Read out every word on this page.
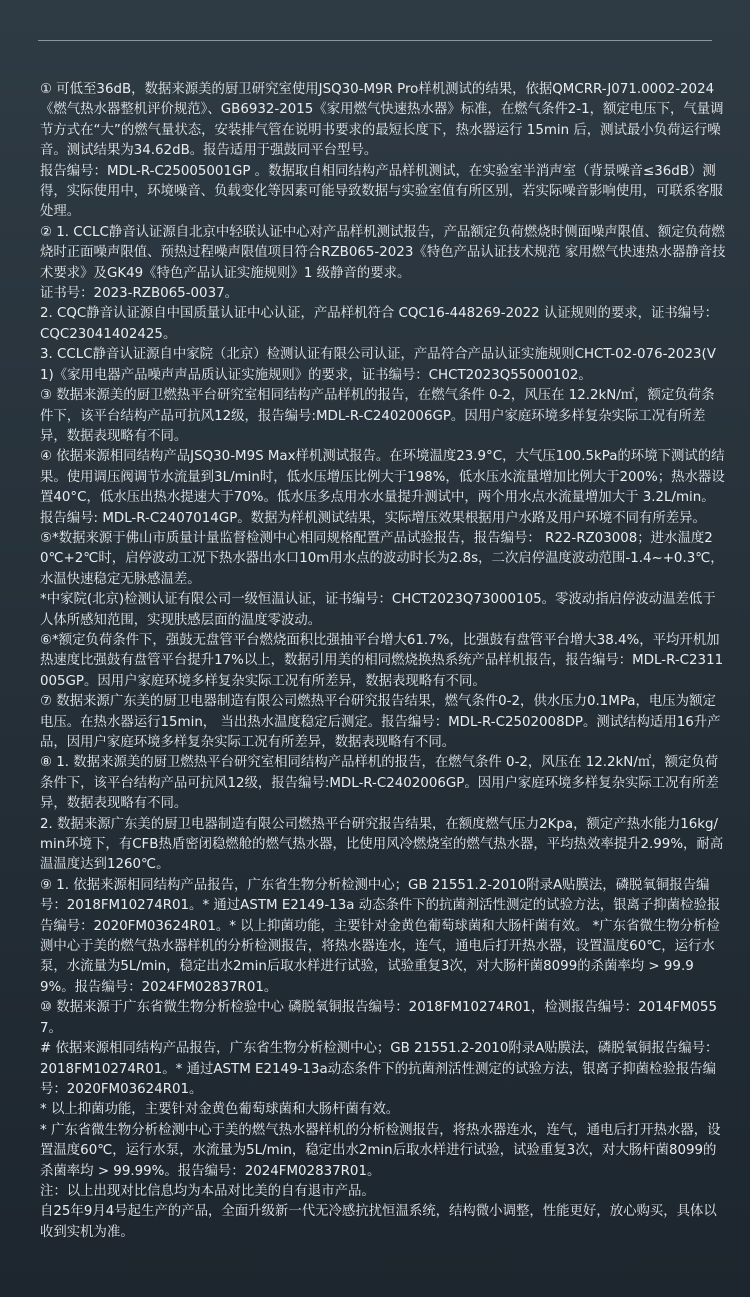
① 可低至36dB，数据来源美的厨卫研究室使用JSQ30-M9R Pro样机测试的结果，依据QMCRR-J071.0002-2024《燃气热水器整机评价规范》、GB6932-2015《家用燃气快速热水器》标准，在燃气条件2-1，额定电压下，气量调节方式在“大”的燃气量状态，安装排气管在说明书要求的最短长度下，热水器运行 15min 后，测试最小负荷运行噪音。测试结果为34.62dB。报告适用于强鼓同平台型号。

报告编号：MDL-R-C25005001GP 。数据取自相同结构产品样机测试，在实验室半消声室（背景噪音≤36dB）测得，实际使用中，环境噪音、负载变化等因素可能导致数据与实验室值有所区别，若实际噪音影响使用，可联系客服处理。

② 1. CCLC静音认证源自北京中轻联认证中心对产品样机测试报告，产品额定负荷燃烧时侧面噪声限值、额定负荷燃烧时正面噪声限值、预热过程噪声限值项目符合RZB065-2023《特色产品认证技术规范 家用燃气快速热水器静音技术要求》及GK49《特色产品认证实施规则》1 级静音的要求。

证书号：2023-RZB065-0037。

2. CQC静音认证源自中国质量认证中心认证，产品样机符合 CQC16-448269-2022 认证规则的要求，证书编号：CQC23041402425。

3. CCLC静音认证源自中家院（北京）检测认证有限公司认证，产品符合产品认证实施规则CHCT-02-076-2023(V1)《家用电器产品噪声声品质认证实施规则》的要求，证书编号：CHCT2023Q55000102。

③ 数据来源美的厨卫燃热平台研究室相同结构产品样机的报告，在燃气条件 0-2，风压在 12.2kN/㎡，额定负荷条件下，该平台结构产品可抗风12级，报告编号:MDL-R-C2402006GP。因用户家庭环境多样复杂实际工况有所差异，数据表现略有不同。

④ 依据来源相同结构产品JSQ30-M9S Max样机测试报告。在环境温度23.9°C，大气压100.5kPa的环境下测试的结果。使用调压阀调节水流量到3L/min时，低水压增压比例大于198%，低水压水流量增加比例大于200%；热水器设置40°C，低水压出热水提速大于70%。低水压多点用水水量提升测试中，两个用水点水流量增加大于 3.2L/min。报告编号: MDL-R-C2407014GP。数据为样机测试结果，实际增压效果根据用户水路及用户环境不同有所差异。

⑤*数据来源于佛山市质量计量监督检测中心相同规格配置产品试验报告，报告编号： R22-RZ03008；进水温度20℃+2℃时，启停波动工况下热水器出水口10m用水点的波动时长为2.8s，二次启停温度波动范围-1.4~+0.3℃，水温快速稳定无脉感温差。

*中家院(北京)检测认证有限公司一级恒温认证，证书编号：CHCT2023Q73000105。零波动指启停波动温差低于人体所感知范围，实现肤感层面的温度零波动。

⑥*额定负荷条件下，强鼓无盘管平台燃烧面积比强抽平台增大61.7%，比强鼓有盘管平台增大38.4%，平均开机加热速度比强鼓有盘管平台提升17%以上，数据引用美的相同燃烧换热系统产品样机报告，报告编号：MDL-R-C2311005GP。因用户家庭环境多样复杂实际工况有所差异，数据表现略有不同。

⑦ 数据来源广东美的厨卫电器制造有限公司燃热平台研究报告结果，燃气条件0-2，供水压力0.1MPa，电压为额定电压。在热水器运行15min， 当出热水温度稳定后测定。报告编号：MDL-R-C2502008DP。测试结构适用16升产品，因用户家庭环境多样复杂实际工况有所差异，数据表现略有不同。

⑧ 1. 数据来源美的厨卫燃热平台研究室相同结构产品样机的报告，在燃气条件 0-2，风压在 12.2kN/㎡，额定负荷条件下，该平台结构产品可抗风12级，报告编号:MDL-R-C2402006GP。因用户家庭环境多样复杂实际工况有所差异，数据表现略有不同。

2. 数据来源广东美的厨卫电器制造有限公司燃热平台研究报告结果，在额度燃气压力2Kpa，额定产热水能力16kg/min环境下，有CFB热盾密闭稳燃舱的燃气热水器，比使用风冷燃烧室的燃气热水器，平均热效率提升2.99%，耐高温温度达到1260℃。

⑨ 1. 依据来源相同结构产品报告，广东省生物分析检测中心；GB 21551.2-2010附录A贴膜法，磷脱氧铜报告编号：2018FM10274R01。* 通过ASTM E2149-13a 动态条件下的抗菌剂活性测定的试验方法，银离子抑菌检验报告编号：2020FM03624R01。* 以上抑菌功能，主要针对金黄色葡萄球菌和大肠杆菌有效。 *广东省微生物分析检测中心于美的燃气热水器样机的分析检测报告，将热水器连水，连气，通电后打开热水器，设置温度60℃，运行水泵，水流量为5L/min，稳定出水2min后取水样进行试验，试验重复3次，对大肠杆菌8099的杀菌率均 > 99.99%。报告编号：2024FM02837R01。

⑩ 数据来源于广东省微生物分析检验中心 磷脱氧铜报告编号：2018FM10274R01，检测报告编号：2014FM0557。

# 依据来源相同结构产品报告，广东省生物分析检测中心；GB 21551.2-2010附录A贴膜法，磷脱氧铜报告编号：2018FM10274R01。* 通过ASTM E2149-13a动态条件下的抗菌剂活性测定的试验方法，银离子抑菌检验报告编号：2020FM03624R01。

* 以上抑菌功能，主要针对金黄色葡萄球菌和大肠杆菌有效。

* 广东省微生物分析检测中心于美的燃气热水器样机的分析检测报告，将热水器连水，连气，通电后打开热水器，设置温度60℃，运行水泵，水流量为5L/min，稳定出水2min后取水样进行试验，试验重复3次，对大肠杆菌8099的杀菌率均 > 99.99%。报告编号：2024FM02837R01。

注：以上出现对比信息均为本品对比美的自有退市产品。

自25年9月4号起生产的产品，全面升级新一代无冷感抗扰恒温系统，结构微小调整，性能更好，放心购买，具体以收到实机为准。
